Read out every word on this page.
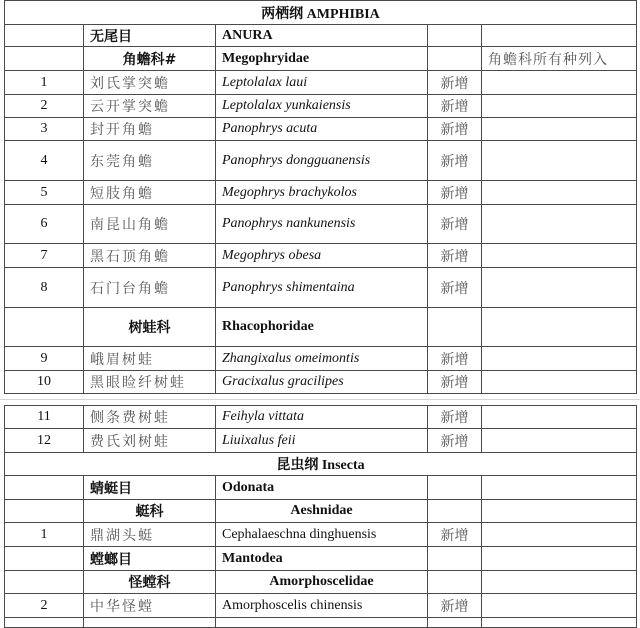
两栖纲 AMPHIBIA				
	无尾目	ANURA		
	角蟾科#	Megophryidae		角蟾科所有种列入
1	刘氏掌突蟾	Leptolalax laui	新增	
2	云开掌突蟾	Leptolalax yunkaiensis	新增	
3	封开角蟾	Panophrys acuta	新增	
4	东莞角蟾	Panophrys dongguanensis	新增	
5	短肢角蟾	Megophrys brachykolos	新增	
6	南昆山角蟾	Panophrys nankunensis	新增	
7	黑石顶角蟾	Megophrys obesa	新增	
8	石门台角蟾	Panophrys shimentaina	新增	
	树蛙科	Rhacophoridae		
9	峨眉树蛙	Zhangixalus omeimontis	新增	
10	黑眼睑纤树蛙	Gracixalus gracilipes	新增	
11	侧条费树蛙	Feihyla vittata	新增	
12	费氏刘树蛙	Liuixalus feii	新增	
昆虫纲 Insecta				
	蜻蜓目	Odonata		
	蜓科	Aeshnidae		
1	鼎湖头蜓	Cephalaeschna dinghuensis	新增	
	螳螂目	Mantodea		
	怪螳科	Amorphoscelidae		
2	中华怪螳	Amorphoscelis chinensis	新增	
